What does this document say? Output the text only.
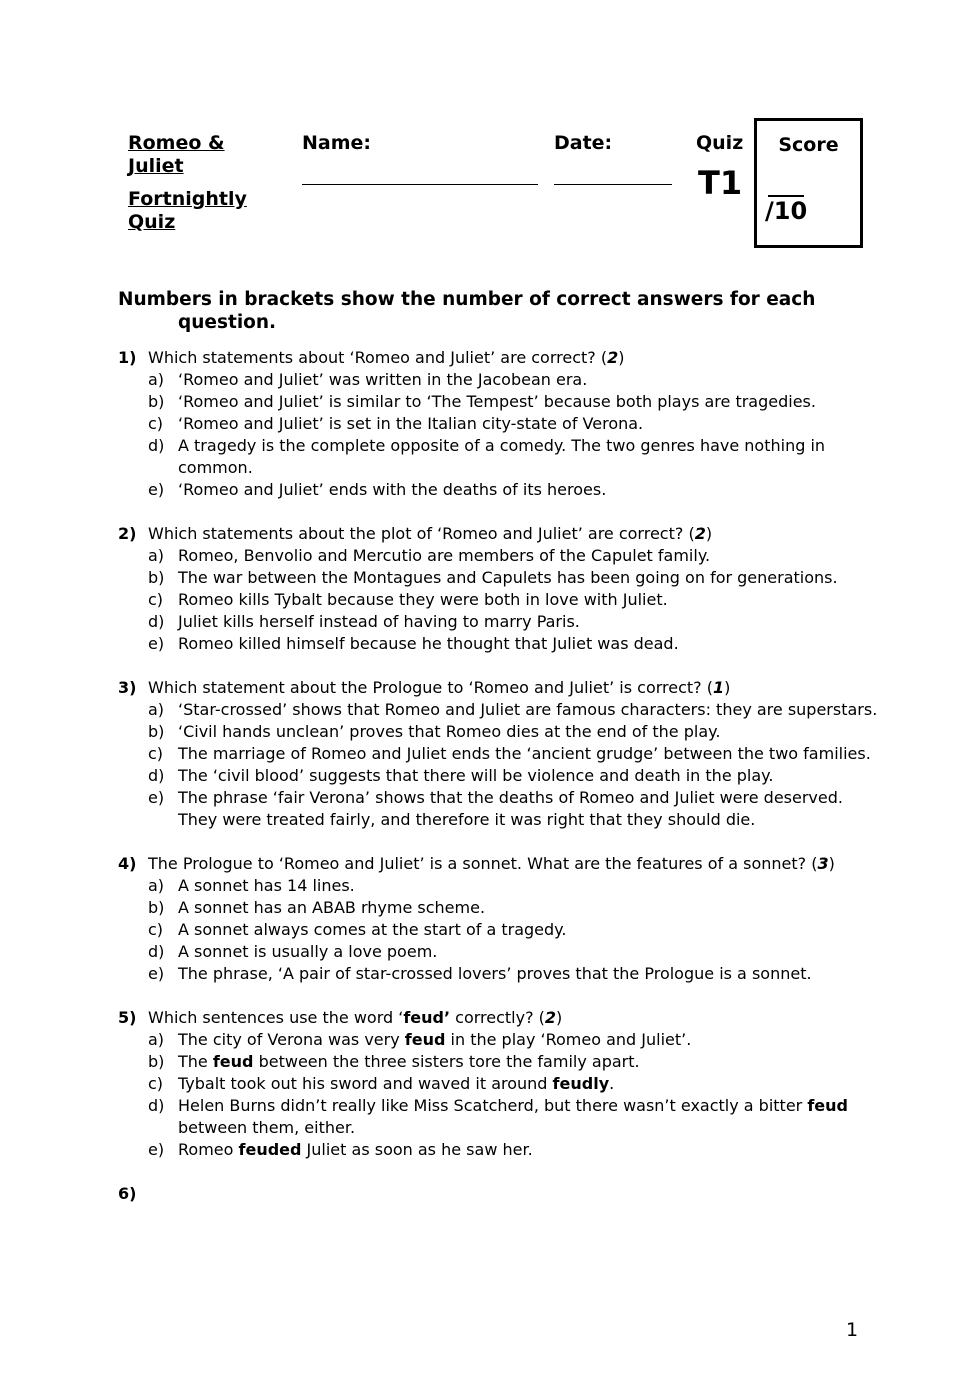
Romeo & Juliet
Fortnightly Quiz
Name:	Date:	Quiz
T1
Score
/10
Numbers in brackets show the number of correct answers for each question.
1) Which statements about ‘Romeo and Juliet’ are correct? (2)
a) ‘Romeo and Juliet’ was written in the Jacobean era.
b) ‘Romeo and Juliet’ is similar to ‘The Tempest’ because both plays are tragedies.
c) ‘Romeo and Juliet’ is set in the Italian city-state of Verona.
d) A tragedy is the complete opposite of a comedy. The two genres have nothing in common.
e) ‘Romeo and Juliet’ ends with the deaths of its heroes.
2) Which statements about the plot of ‘Romeo and Juliet’ are correct? (2)
a) Romeo, Benvolio and Mercutio are members of the Capulet family.
b) The war between the Montagues and Capulets has been going on for generations.
c) Romeo kills Tybalt because they were both in love with Juliet.
d) Juliet kills herself instead of having to marry Paris.
e) Romeo killed himself because he thought that Juliet was dead.
3) Which statement about the Prologue to ‘Romeo and Juliet’ is correct? (1)
a) ‘Star-crossed’ shows that Romeo and Juliet are famous characters: they are superstars.
b) ‘Civil hands unclean’ proves that Romeo dies at the end of the play.
c) The marriage of Romeo and Juliet ends the ‘ancient grudge’ between the two families.
d) The ‘civil blood’ suggests that there will be violence and death in the play.
e) The phrase ‘fair Verona’ shows that the deaths of Romeo and Juliet were deserved. They were treated fairly, and therefore it was right that they should die.
4) The Prologue to ‘Romeo and Juliet’ is a sonnet. What are the features of a sonnet? (3)
a) A sonnet has 14 lines.
b) A sonnet has an ABAB rhyme scheme.
c) A sonnet always comes at the start of a tragedy.
d) A sonnet is usually a love poem.
e) The phrase, ‘A pair of star-crossed lovers’ proves that the Prologue is a sonnet.
5) Which sentences use the word ‘feud’ correctly? (2)
a) The city of Verona was very feud in the play ‘Romeo and Juliet’.
b) The feud between the three sisters tore the family apart.
c) Tybalt took out his sword and waved it around feudly.
d) Helen Burns didn’t really like Miss Scatcherd, but there wasn’t exactly a bitter feud between them, either.
e) Romeo feuded Juliet as soon as he saw her.
6)
1
